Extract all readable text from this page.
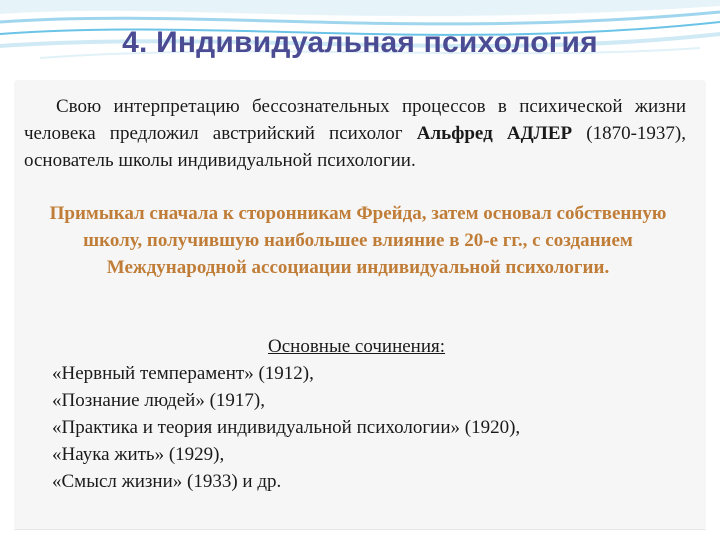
4. Индивидуальная психология
Свою интерпретацию бессознательных процессов в психической жизни человека предложил австрийский психолог Альфред АДЛЕР (1870-1937), основатель школы индивидуальной психологии.
Примыкал сначала к сторонникам Фрейда, затем основал собственную школу, получившую наибольшее влияние в 20-е гг., с созданием Международной ассоциации индивидуальной психологии.
Основные сочинения:
«Нервный темперамент» (1912),
«Познание людей» (1917),
«Практика и теория индивидуальной психологии» (1920),
«Наука жить» (1929),
«Смысл жизни» (1933) и др.
